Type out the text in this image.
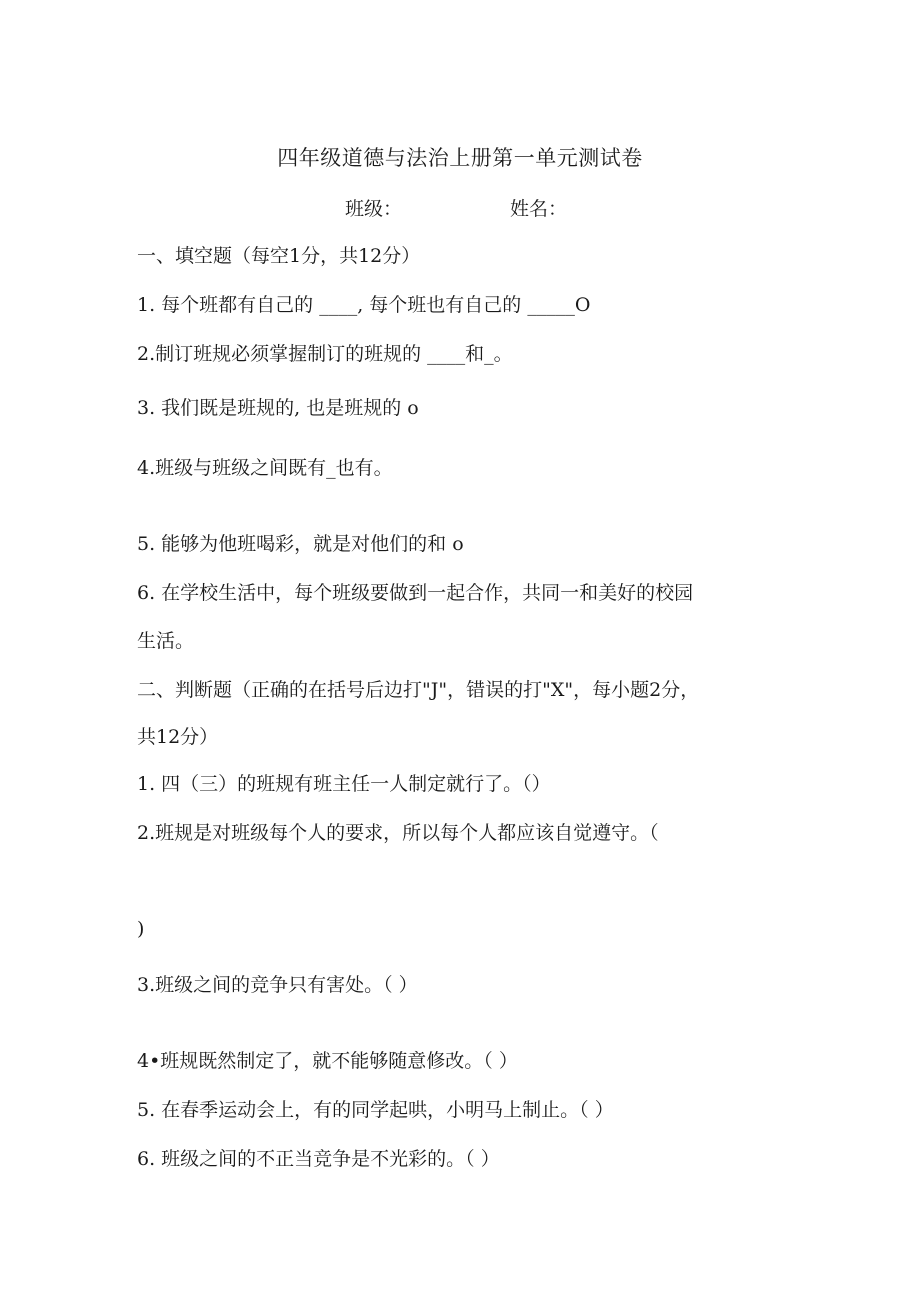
四年级道德与法治上册第一单元测试卷
班级：	姓名：
一、填空题（每空1分，共12分）
1. 每个班都有自己的 ____, 每个班也有自己的 _____O
2.制订班规必须掌握制订的班规的 ____和_。
3. 我们既是班规的, 也是班规的 o
4.班级与班级之间既有_也有。
5. 能够为他班喝彩，就是对他们的和 o
6. 在学校生活中，每个班级要做到一起合作，共同一和美好的校园
生活。
二、判断题（正确的在括号后边打"J"，错误的打"X"，每小题2分，
共12分）
1. 四（三）的班规有班主任一人制定就行了。（）
2.班规是对班级每个人的要求，所以每个人都应该自觉遵守。（
)
3.班级之间的竞争只有害处。（ ）
4•班规既然制定了，就不能够随意修改。（ ）
5. 在春季运动会上，有的同学起哄，小明马上制止。（ ）
6. 班级之间的不正当竞争是不光彩的。（ ）
